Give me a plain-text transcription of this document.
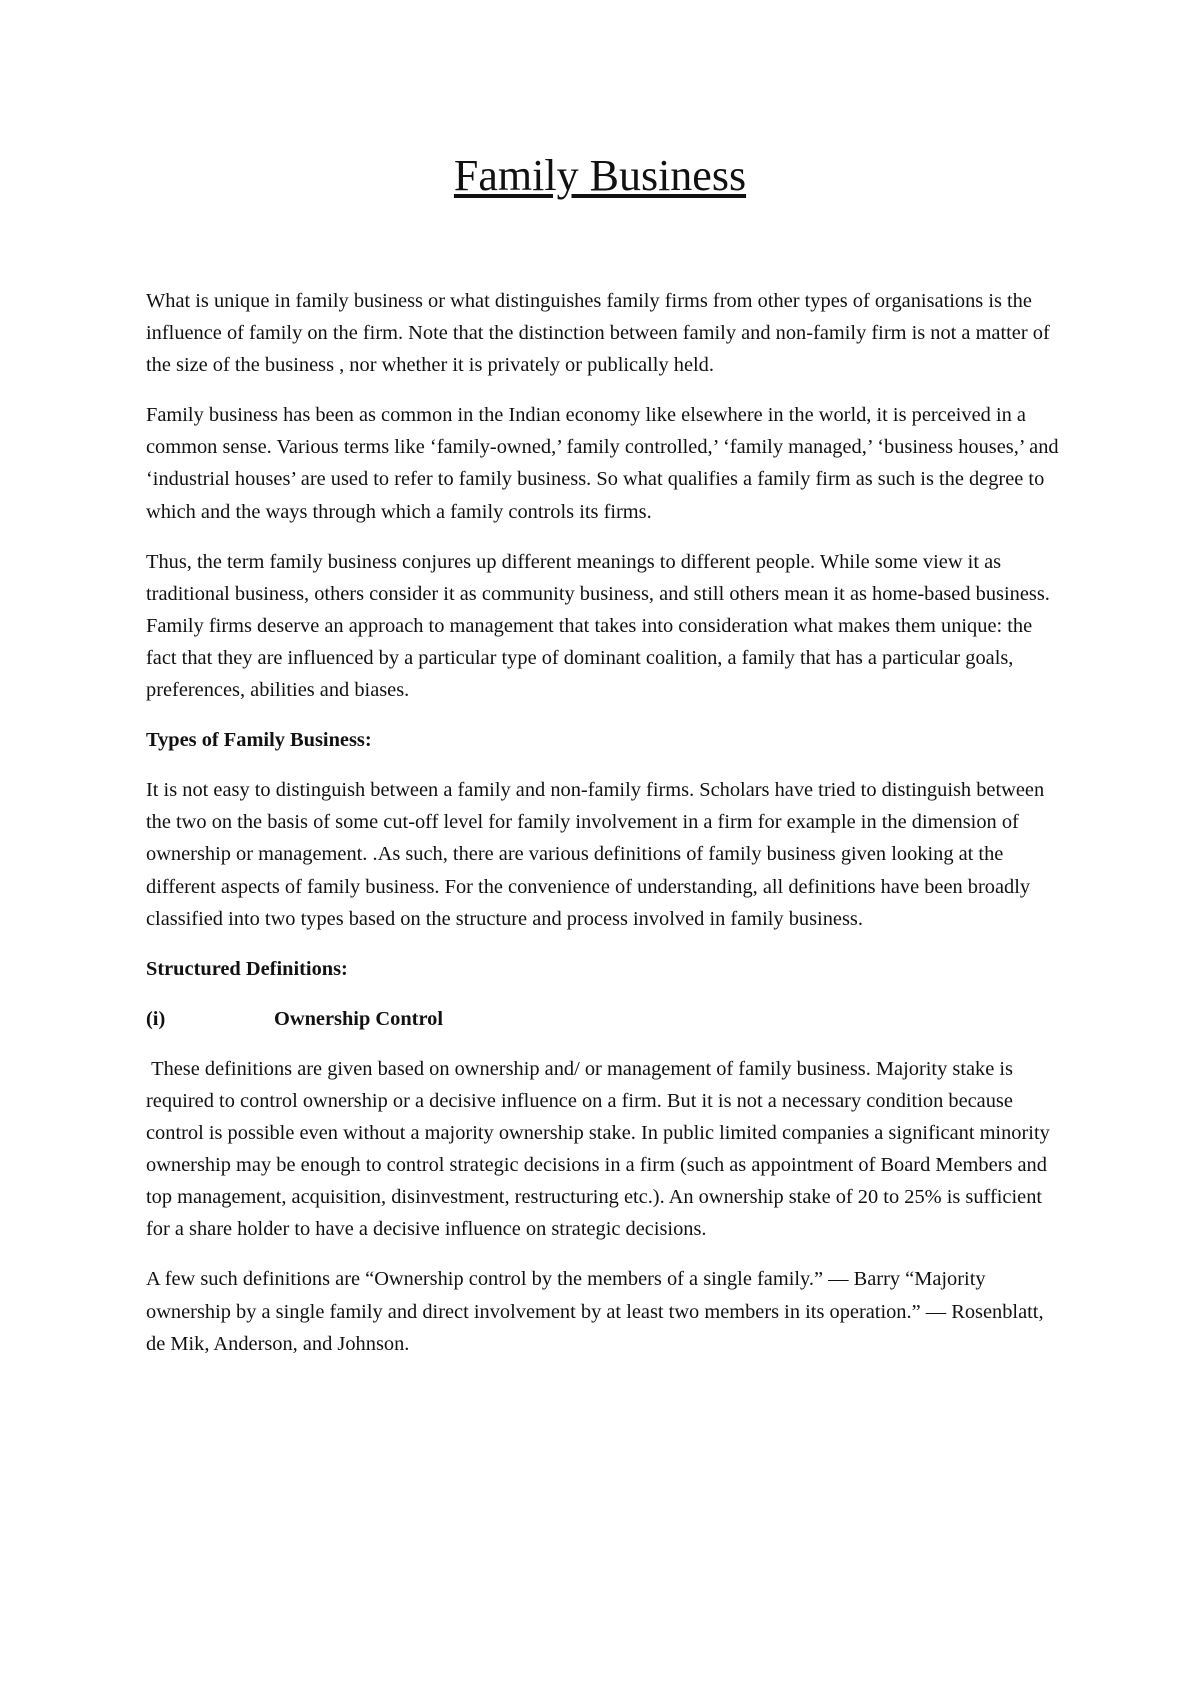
Family Business

What is unique in family business or what distinguishes family firms from other types of organisations is the influence of family on the firm. Note that the distinction between family and non-family firm is not a matter of the size of the business , nor whether it is privately or publically held.

Family business has been as common in the Indian economy like elsewhere in the world, it is perceived in a common sense. Various terms like ‘family-owned,’ family controlled,’ ‘family managed,’ ‘business houses,’ and ‘industrial houses’ are used to refer to family business. So what qualifies a family firm as such is the degree to which and the ways through which a family controls its firms.

Thus, the term family business conjures up different meanings to different people. While some view it as traditional business, others consider it as community business, and still others mean it as home-based business. Family firms deserve an approach to management that takes into consideration what makes them unique: the fact that they are influenced by a particular type of dominant coalition, a family that has a particular goals, preferences, abilities and biases.

Types of Family Business:

It is not easy to distinguish between a family and non-family firms. Scholars have tried to distinguish between the two on the basis of some cut-off level for family involvement in a firm for example in the dimension of ownership or management. .As such, there are various definitions of family business given looking at the different aspects of family business. For the convenience of understanding, all definitions have been broadly classified into two types based on the structure and process involved in family business.

Structured Definitions:

(i)	Ownership Control

These definitions are given based on ownership and/ or management of family business. Majority stake is required to control ownership or a decisive influence on a firm. But it is not a necessary condition because control is possible even without a majority ownership stake. In public limited companies a significant minority ownership may be enough to control strategic decisions in a firm (such as appointment of Board Members and top management, acquisition, disinvestment, restructuring etc.). An ownership stake of 20 to 25% is sufficient for a share holder to have a decisive influence on strategic decisions.

A few such definitions are “Ownership control by the members of a single family.” — Barry “Majority ownership by a single family and direct involvement by at least two members in its operation.” — Rosenblatt, de Mik, Anderson, and Johnson.
